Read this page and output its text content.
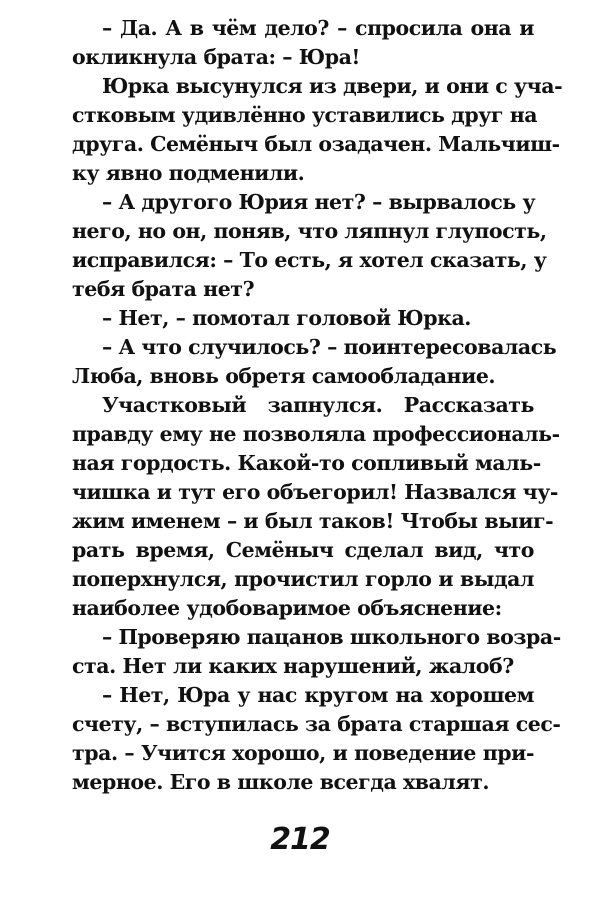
– Да. А в чём дело? – спросила она и
окликнула брата: – Юра!
Юрка высунулся из двери, и они с уча-
стковым удивлённо уставились друг на
друга. Семёныч был озадачен. Мальчиш-
ку явно подменили.
– А другого Юрия нет? – вырвалось у
него, но он, поняв, что ляпнул глупость,
исправился: – То есть, я хотел сказать, у
тебя брата нет?
– Нет, – помотал головой Юрка.
– А что случилось? – поинтересовалась
Люба, вновь обретя самообладание.
Участковый запнулся. Рассказать
правду ему не позволяла профессиональ-
ная гордость. Какой-то сопливый маль-
чишка и тут его объегорил! Назвался чу-
жим именем – и был таков! Чтобы выиг-
рать время, Семёныч сделал вид, что
поперхнулся, прочистил горло и выдал
наиболее удобоваримое объяснение:
– Проверяю пацанов школьного возра-
ста. Нет ли каких нарушений, жалоб?
– Нет, Юра у нас кругом на хорошем
счету, – вступилась за брата старшая сес-
тра. – Учится хорошо, и поведение при-
мерное. Его в школе всегда хвалят.
212
